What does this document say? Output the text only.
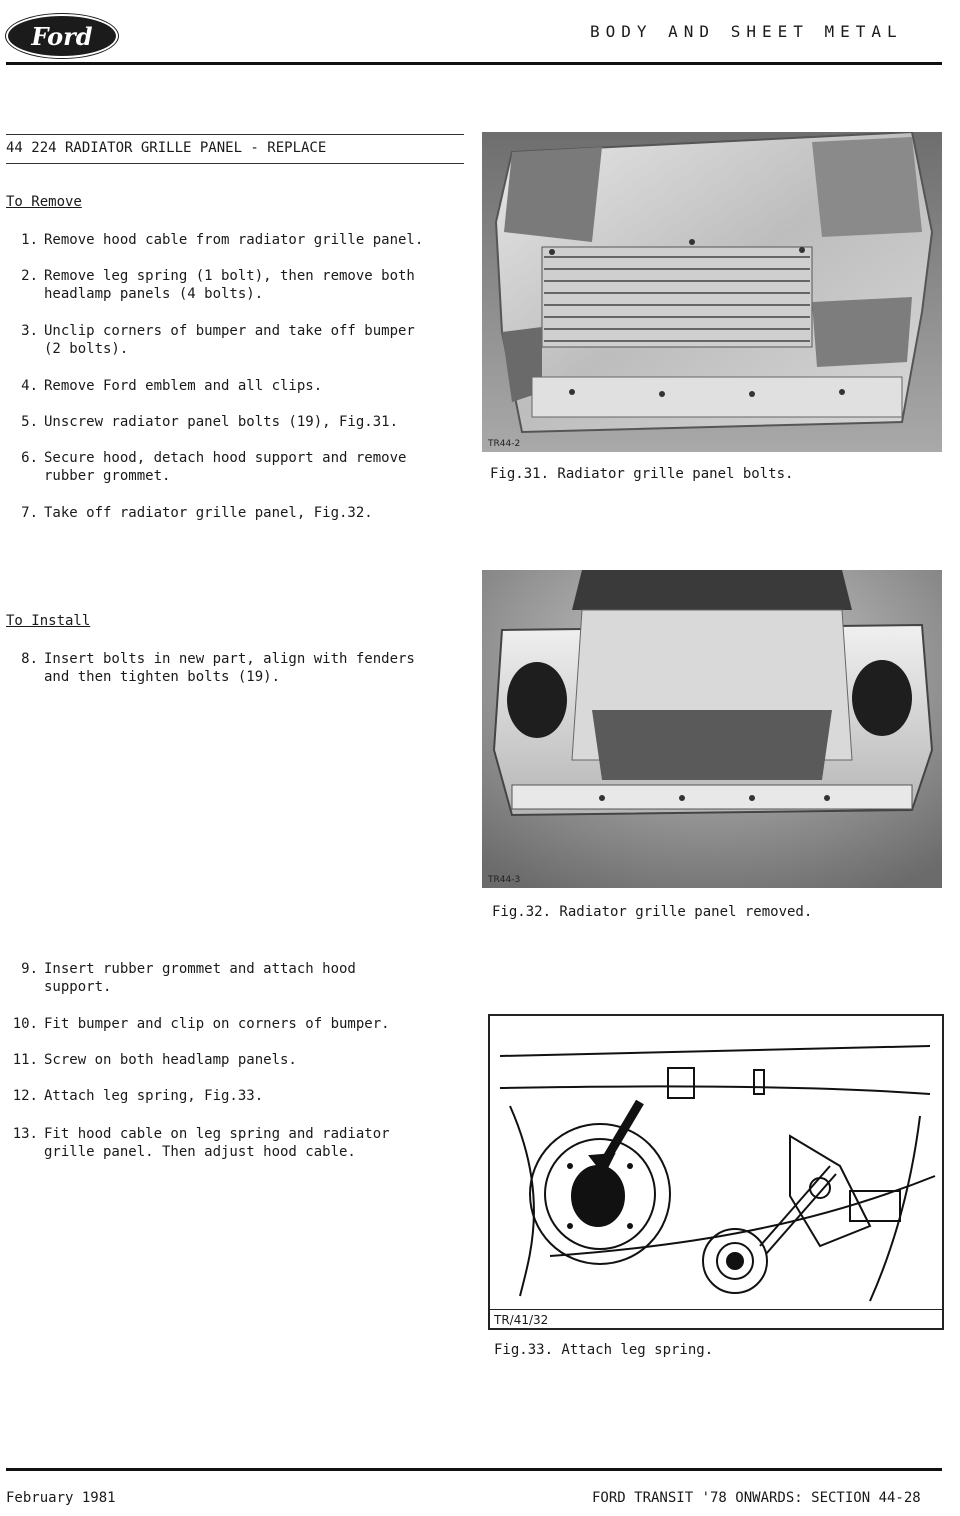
Ford	BODY AND SHEET METAL
44 224 RADIATOR GRILLE PANEL - REPLACE
To Remove
1. Remove hood cable from radiator grille panel.
2. Remove leg spring (1 bolt), then remove both
headlamp panels (4 bolts).
3. Unclip corners of bumper and take off bumper
(2 bolts).
4. Remove Ford emblem and all clips.
5. Unscrew radiator panel bolts (19), Fig.31.
6. Secure hood, detach hood support and remove
rubber grommet.
7. Take off radiator grille panel, Fig.32.
To Install
8. Insert bolts in new part, align with fenders
and then tighten bolts (19).
9. Insert rubber grommet and attach hood
support.
10. Fit bumper and clip on corners of bumper.
11. Screw on both headlamp panels.
12. Attach leg spring, Fig.33.
13. Fit hood cable on leg spring and radiator
grille panel. Then adjust hood cable.
TR44-2
Fig.31. Radiator grille panel bolts.
TR44-3
Fig.32. Radiator grille panel removed.
TR/41/32
Fig.33. Attach leg spring.
February 1981	FORD TRANSIT '78 ONWARDS: SECTION 44-28
